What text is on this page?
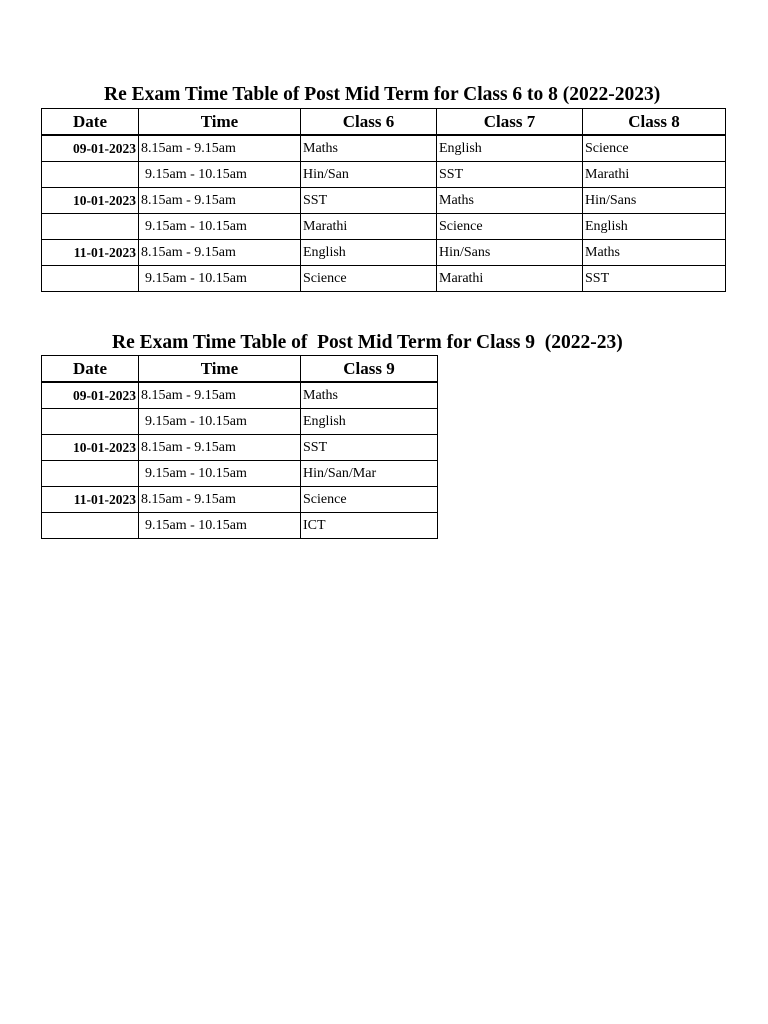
Re Exam Time Table of Post Mid Term for Class 6 to 8 (2022-2023)
Date	Time	Class 6	Class 7	Class 8
09-01-2023	8.15am - 9.15am	Maths	English	Science
	9.15am - 10.15am	Hin/San	SST	Marathi
10-01-2023	8.15am - 9.15am	SST	Maths	Hin/Sans
	9.15am - 10.15am	Marathi	Science	English
11-01-2023	8.15am - 9.15am	English	Hin/Sans	Maths
	9.15am - 10.15am	Science	Marathi	SST
Re Exam Time Table of  Post Mid Term for Class 9  (2022-23)
Date	Time	Class 9
09-01-2023	8.15am - 9.15am	Maths
	9.15am - 10.15am	English
10-01-2023	8.15am - 9.15am	SST
	9.15am - 10.15am	Hin/San/Mar
11-01-2023	8.15am - 9.15am	Science
	9.15am - 10.15am	ICT
